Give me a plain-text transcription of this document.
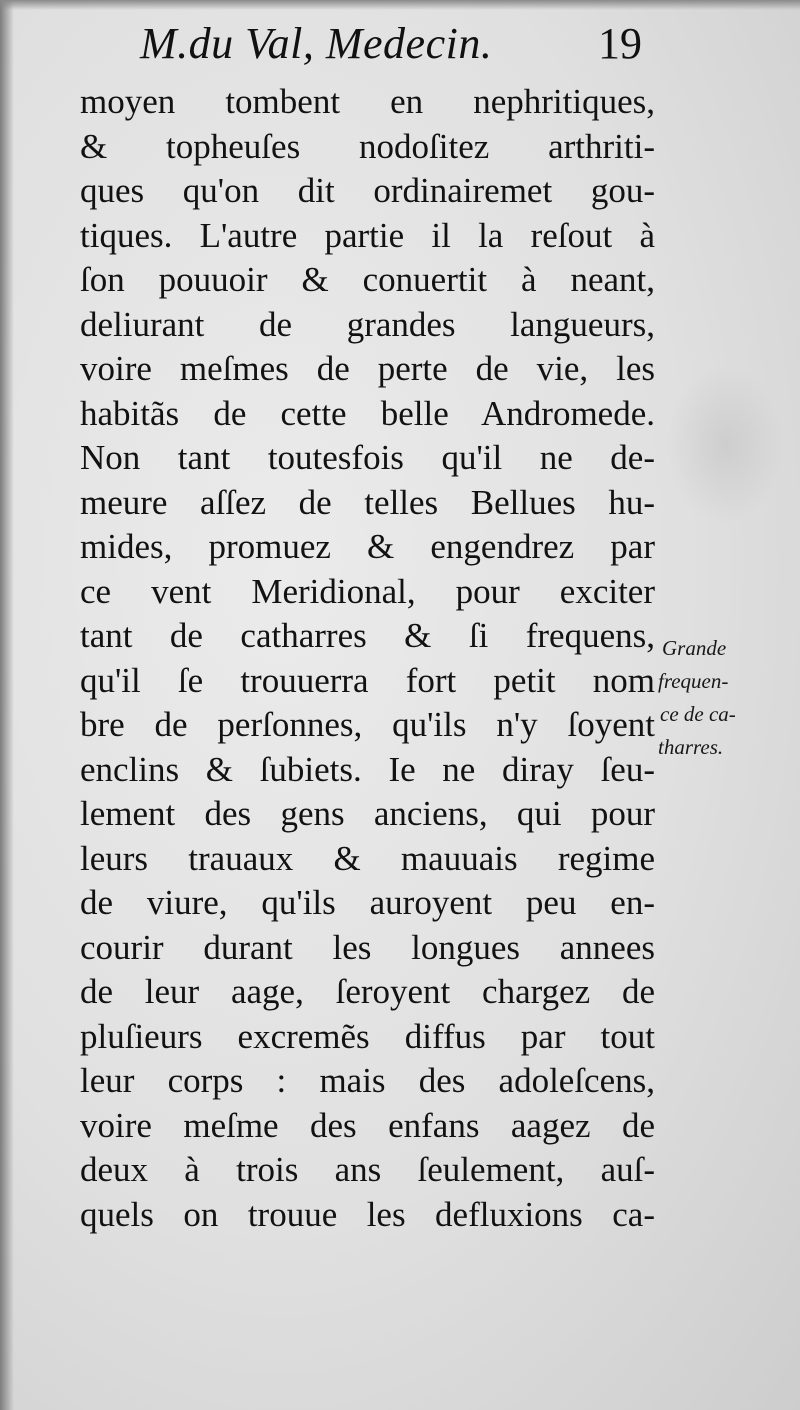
M.du Val, Medecin. 19
moyen tombent en nephritiques,
& topheuſes nodoſitez arthriti-
ques qu'on dit ordinairemet gou-
tiques. L'autre partie il la reſout à
ſon pouuoir & conuertit à neant,
deliurant de grandes langueurs,
voire meſmes de perte de vie, les
habitãs de cette belle Andromede.
Non tant toutesfois qu'il ne de-
meure aſſez de telles Bellues hu-
mides, promuez & engendrez par
ce vent Meridional, pour exciter
tant de catharres & ſi frequens,
qu'il ſe trouuerra fort petit nom
bre de perſonnes, qu'ils n'y ſoyent
enclins & ſubiets. Ie ne diray ſeu-
lement des gens anciens, qui pour
leurs trauaux & mauuais regime
de viure, qu'ils auroyent peu en-
courir durant les longues annees
de leur aage, ſeroyent chargez de
pluſieurs excremẽs diffus par tout
leur corps : mais des adoleſcens,
voire meſme des enfans aagez de
deux à trois ans ſeulement, auſ-
quels on trouue les defluxions ca-
Grande
frequen-
ce de ca-
tharres.
